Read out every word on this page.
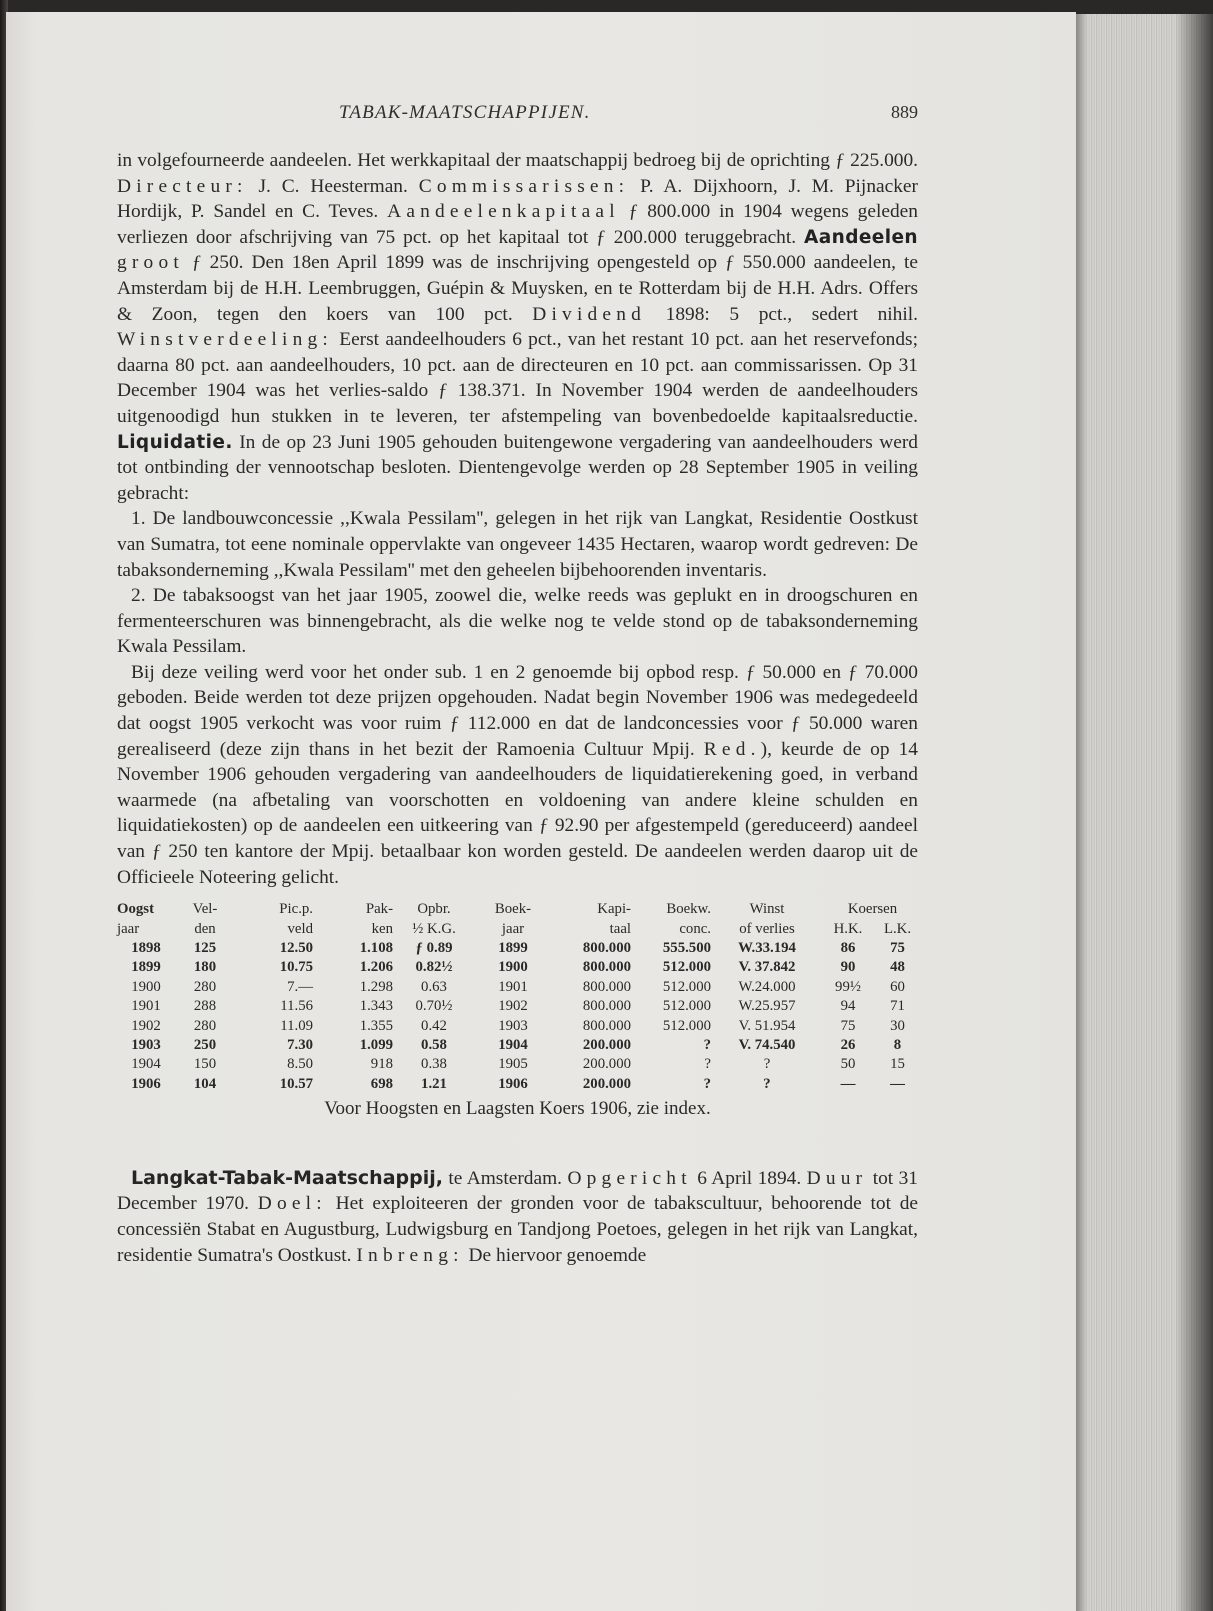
TABAK-MAATSCHAPPIJEN.	889

in volgefourneerde aandeelen. Het werkkapitaal der maatschappij bedroeg bij de oprichting ƒ 225.000. Directeur: J. C. Heesterman. Commissarissen: P. A. Dijxhoorn, J. M. Pijnacker Hordijk, P. Sandel en C. Teves. Aandeelenkapitaal ƒ 800.000 in 1904 wegens geleden verliezen door afschrijving van 75 pct. op het kapitaal tot ƒ 200.000 teruggebracht. Aandeelen groot ƒ 250. Den 18en April 1899 was de inschrijving opengesteld op ƒ 550.000 aandeelen, te Amsterdam bij de H.H. Leembruggen, Guépin & Muysken, en te Rotterdam bij de H.H. Adrs. Offers & Zoon, tegen den koers van 100 pct. Dividend 1898: 5 pct., sedert nihil. Winstverdeeling: Eerst aandeelhouders 6 pct., van het restant 10 pct. aan het reservefonds; daarna 80 pct. aan aandeelhouders, 10 pct. aan de directeuren en 10 pct. aan commissarissen. Op 31 December 1904 was het verlies-saldo ƒ 138.371. In November 1904 werden de aandeelhouders uitgenoodigd hun stukken in te leveren, ter afstempeling van bovenbedoelde kapitaalsreductie. Liquidatie. In de op 23 Juni 1905 gehouden buitengewone vergadering van aandeelhouders werd tot ontbinding der vennootschap besloten. Dientengevolge werden op 28 September 1905 in veiling gebracht:

1. De landbouwconcessie ,,Kwala Pessilam'', gelegen in het rijk van Langkat, Residentie Oostkust van Sumatra, tot eene nominale oppervlakte van ongeveer 1435 Hectaren, waarop wordt gedreven: De tabaksonderneming ,,Kwala Pessilam'' met den geheelen bijbehoorenden inventaris.

2. De tabaksoogst van het jaar 1905, zoowel die, welke reeds was geplukt en in droogschuren en fermenteerschuren was binnengebracht, als die welke nog te velde stond op de tabaksonderneming Kwala Pessilam.

Bij deze veiling werd voor het onder sub. 1 en 2 genoemde bij opbod resp. ƒ 50.000 en ƒ 70.000 geboden. Beide werden tot deze prijzen opgehouden. Nadat begin November 1906 was medegedeeld dat oogst 1905 verkocht was voor ruim ƒ 112.000 en dat de landconcessies voor ƒ 50.000 waren gerealiseerd (deze zijn thans in het bezit der Ramoenia Cultuur Mpij. Red.), keurde de op 14 November 1906 gehouden vergadering van aandeelhouders de liquidatierekening goed, in verband waarmede (na afbetaling van voorschotten en voldoening van andere kleine schulden en liquidatiekosten) op de aandeelen een uitkeering van ƒ 92.90 per afgestempeld (gereduceerd) aandeel van ƒ 250 ten kantore der Mpij. betaalbaar kon worden gesteld. De aandeelen werden daarop uit de Officieele Noteering gelicht.

Oogst	Vel-	Pic.p.	Pak-	Opbr.	Boek-	Kapi-	Boekw.	Winst	Koersen	
jaar	den	veld	ken	½ K.G.	jaar	taal	conc.	of verlies	H.K.	L.K.
1898	125	12.50	1.108	ƒ 0.89	1899	800.000	555.500	W.33.194	86	75
1899	180	10.75	1.206	0.82½	1900	800.000	512.000	V. 37.842	90	48
1900	280	7.—	1.298	0.63	1901	800.000	512.000	W.24.000	99½	60
1901	288	11.56	1.343	0.70½	1902	800.000	512.000	W.25.957	94	71
1902	280	11.09	1.355	0.42	1903	800.000	512.000	V. 51.954	75	30
1903	250	7.30	1.099	0.58	1904	200.000	?	V. 74.540	26	8
1904	150	8.50	918	0.38	1905	200.000	?	?	50	15
1906	104	10.57	698	1.21	1906	200.000	?	?	—	—

Voor Hoogsten en Laagsten Koers 1906, zie index.

Langkat-Tabak-Maatschappij, te Amsterdam. Opgericht 6 April 1894. Duur tot 31 December 1970. Doel: Het exploiteeren der gronden voor de tabakscultuur, behoorende tot de concessiën Stabat en Augustburg, Ludwigsburg en Tandjong Poetoes, gelegen in het rijk van Langkat, residentie Sumatra's Oostkust. Inbreng: De hiervoor genoemde
